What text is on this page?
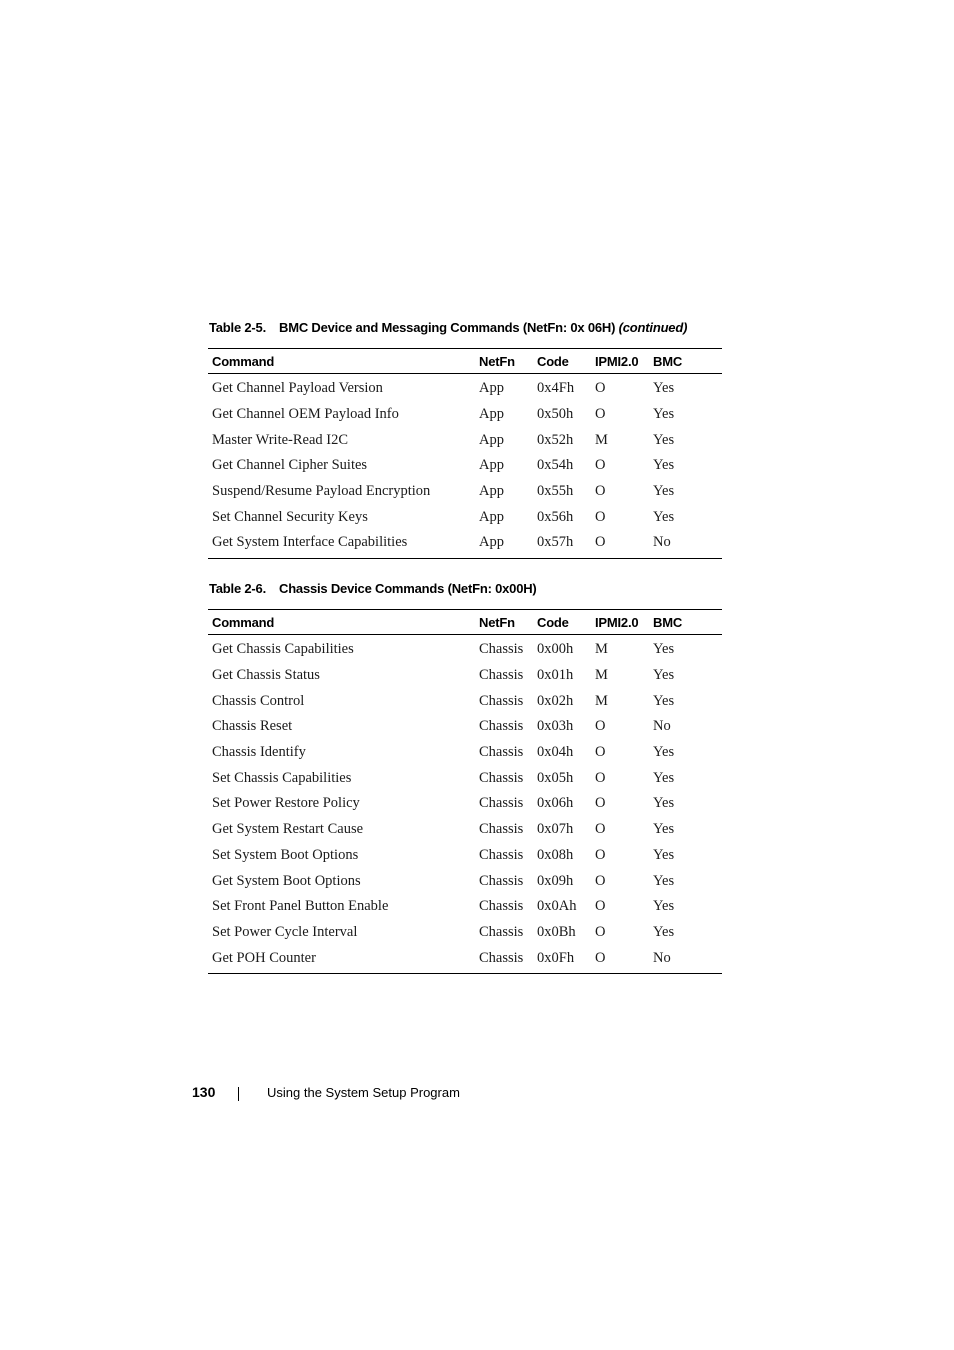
Table 2-5. BMC Device and Messaging Commands (NetFn: 0x 06H) (continued)
Command	NetFn	Code	IPMI2.0	BMC
Get Channel Payload Version	App	0x4Fh	O	Yes
Get Channel OEM Payload Info	App	0x50h	O	Yes
Master Write-Read I2C	App	0x52h	M	Yes
Get Channel Cipher Suites	App	0x54h	O	Yes
Suspend/Resume Payload Encryption	App	0x55h	O	Yes
Set Channel Security Keys	App	0x56h	O	Yes
Get System Interface Capabilities	App	0x57h	O	No
Table 2-6. Chassis Device Commands (NetFn: 0x00H)
Command	NetFn	Code	IPMI2.0	BMC
Get Chassis Capabilities	Chassis	0x00h	M	Yes
Get Chassis Status	Chassis	0x01h	M	Yes
Chassis Control	Chassis	0x02h	M	Yes
Chassis Reset	Chassis	0x03h	O	No
Chassis Identify	Chassis	0x04h	O	Yes
Set Chassis Capabilities	Chassis	0x05h	O	Yes
Set Power Restore Policy	Chassis	0x06h	O	Yes
Get System Restart Cause	Chassis	0x07h	O	Yes
Set System Boot Options	Chassis	0x08h	O	Yes
Get System Boot Options	Chassis	0x09h	O	Yes
Set Front Panel Button Enable	Chassis	0x0Ah	O	Yes
Set Power Cycle Interval	Chassis	0x0Bh	O	Yes
Get POH Counter	Chassis	0x0Fh	O	No
130	Using the System Setup Program
